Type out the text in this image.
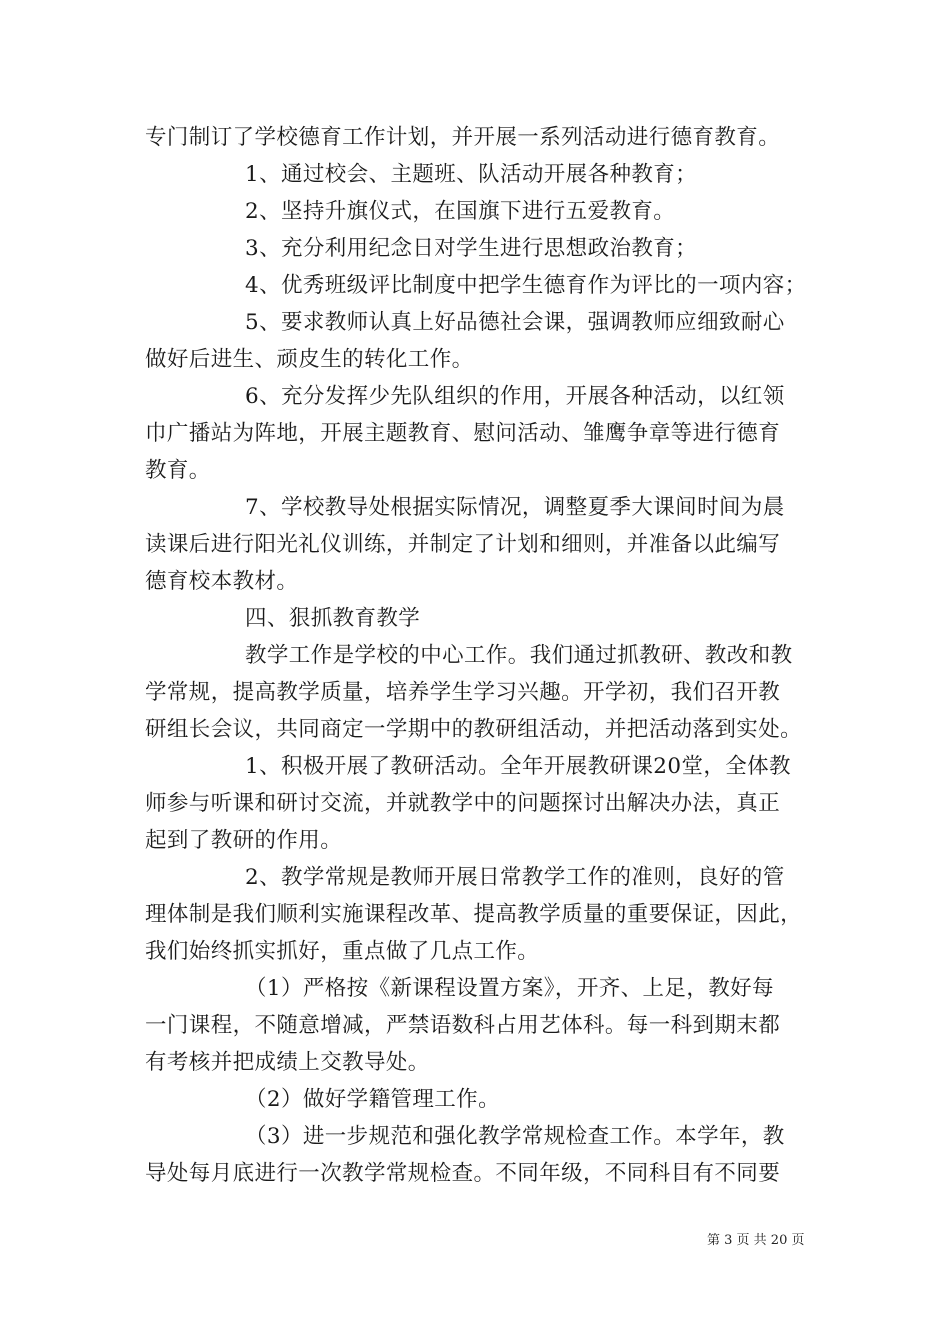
专门制订了学校德育工作计划，并开展一系列活动进行德育教育。
1、通过校会、主题班、队活动开展各种教育；
2、坚持升旗仪式，在国旗下进行五爱教育。
3、充分利用纪念日对学生进行思想政治教育；
4、优秀班级评比制度中把学生德育作为评比的一项内容；
5、要求教师认真上好品德社会课，强调教师应细致耐心
做好后进生、顽皮生的转化工作。
6、充分发挥少先队组织的作用，开展各种活动，以红领
巾广播站为阵地，开展主题教育、慰问活动、雏鹰争章等进行德育
教育。
7、学校教导处根据实际情况，调整夏季大课间时间为晨
读课后进行阳光礼仪训练，并制定了计划和细则，并准备以此编写
德育校本教材。
四、狠抓教育教学
教学工作是学校的中心工作。我们通过抓教研、教改和教
学常规，提高教学质量，培养学生学习兴趣。开学初，我们召开教
研组长会议，共同商定一学期中的教研组活动，并把活动落到实处。
1、积极开展了教研活动。全年开展教研课20堂，全体教
师参与听课和研讨交流，并就教学中的问题探讨出解决办法，真正
起到了教研的作用。
2、教学常规是教师开展日常教学工作的准则，良好的管
理体制是我们顺利实施课程改革、提高教学质量的重要保证，因此，
我们始终抓实抓好，重点做了几点工作。
（1）严格按《新课程设置方案》，开齐、上足，教好每
一门课程，不随意增减，严禁语数科占用艺体科。每一科到期末都
有考核并把成绩上交教导处。
（2）做好学籍管理工作。
（3）进一步规范和强化教学常规检查工作。本学年，教
导处每月底进行一次教学常规检查。不同年级，不同科目有不同要
第 3 页 共 20 页
